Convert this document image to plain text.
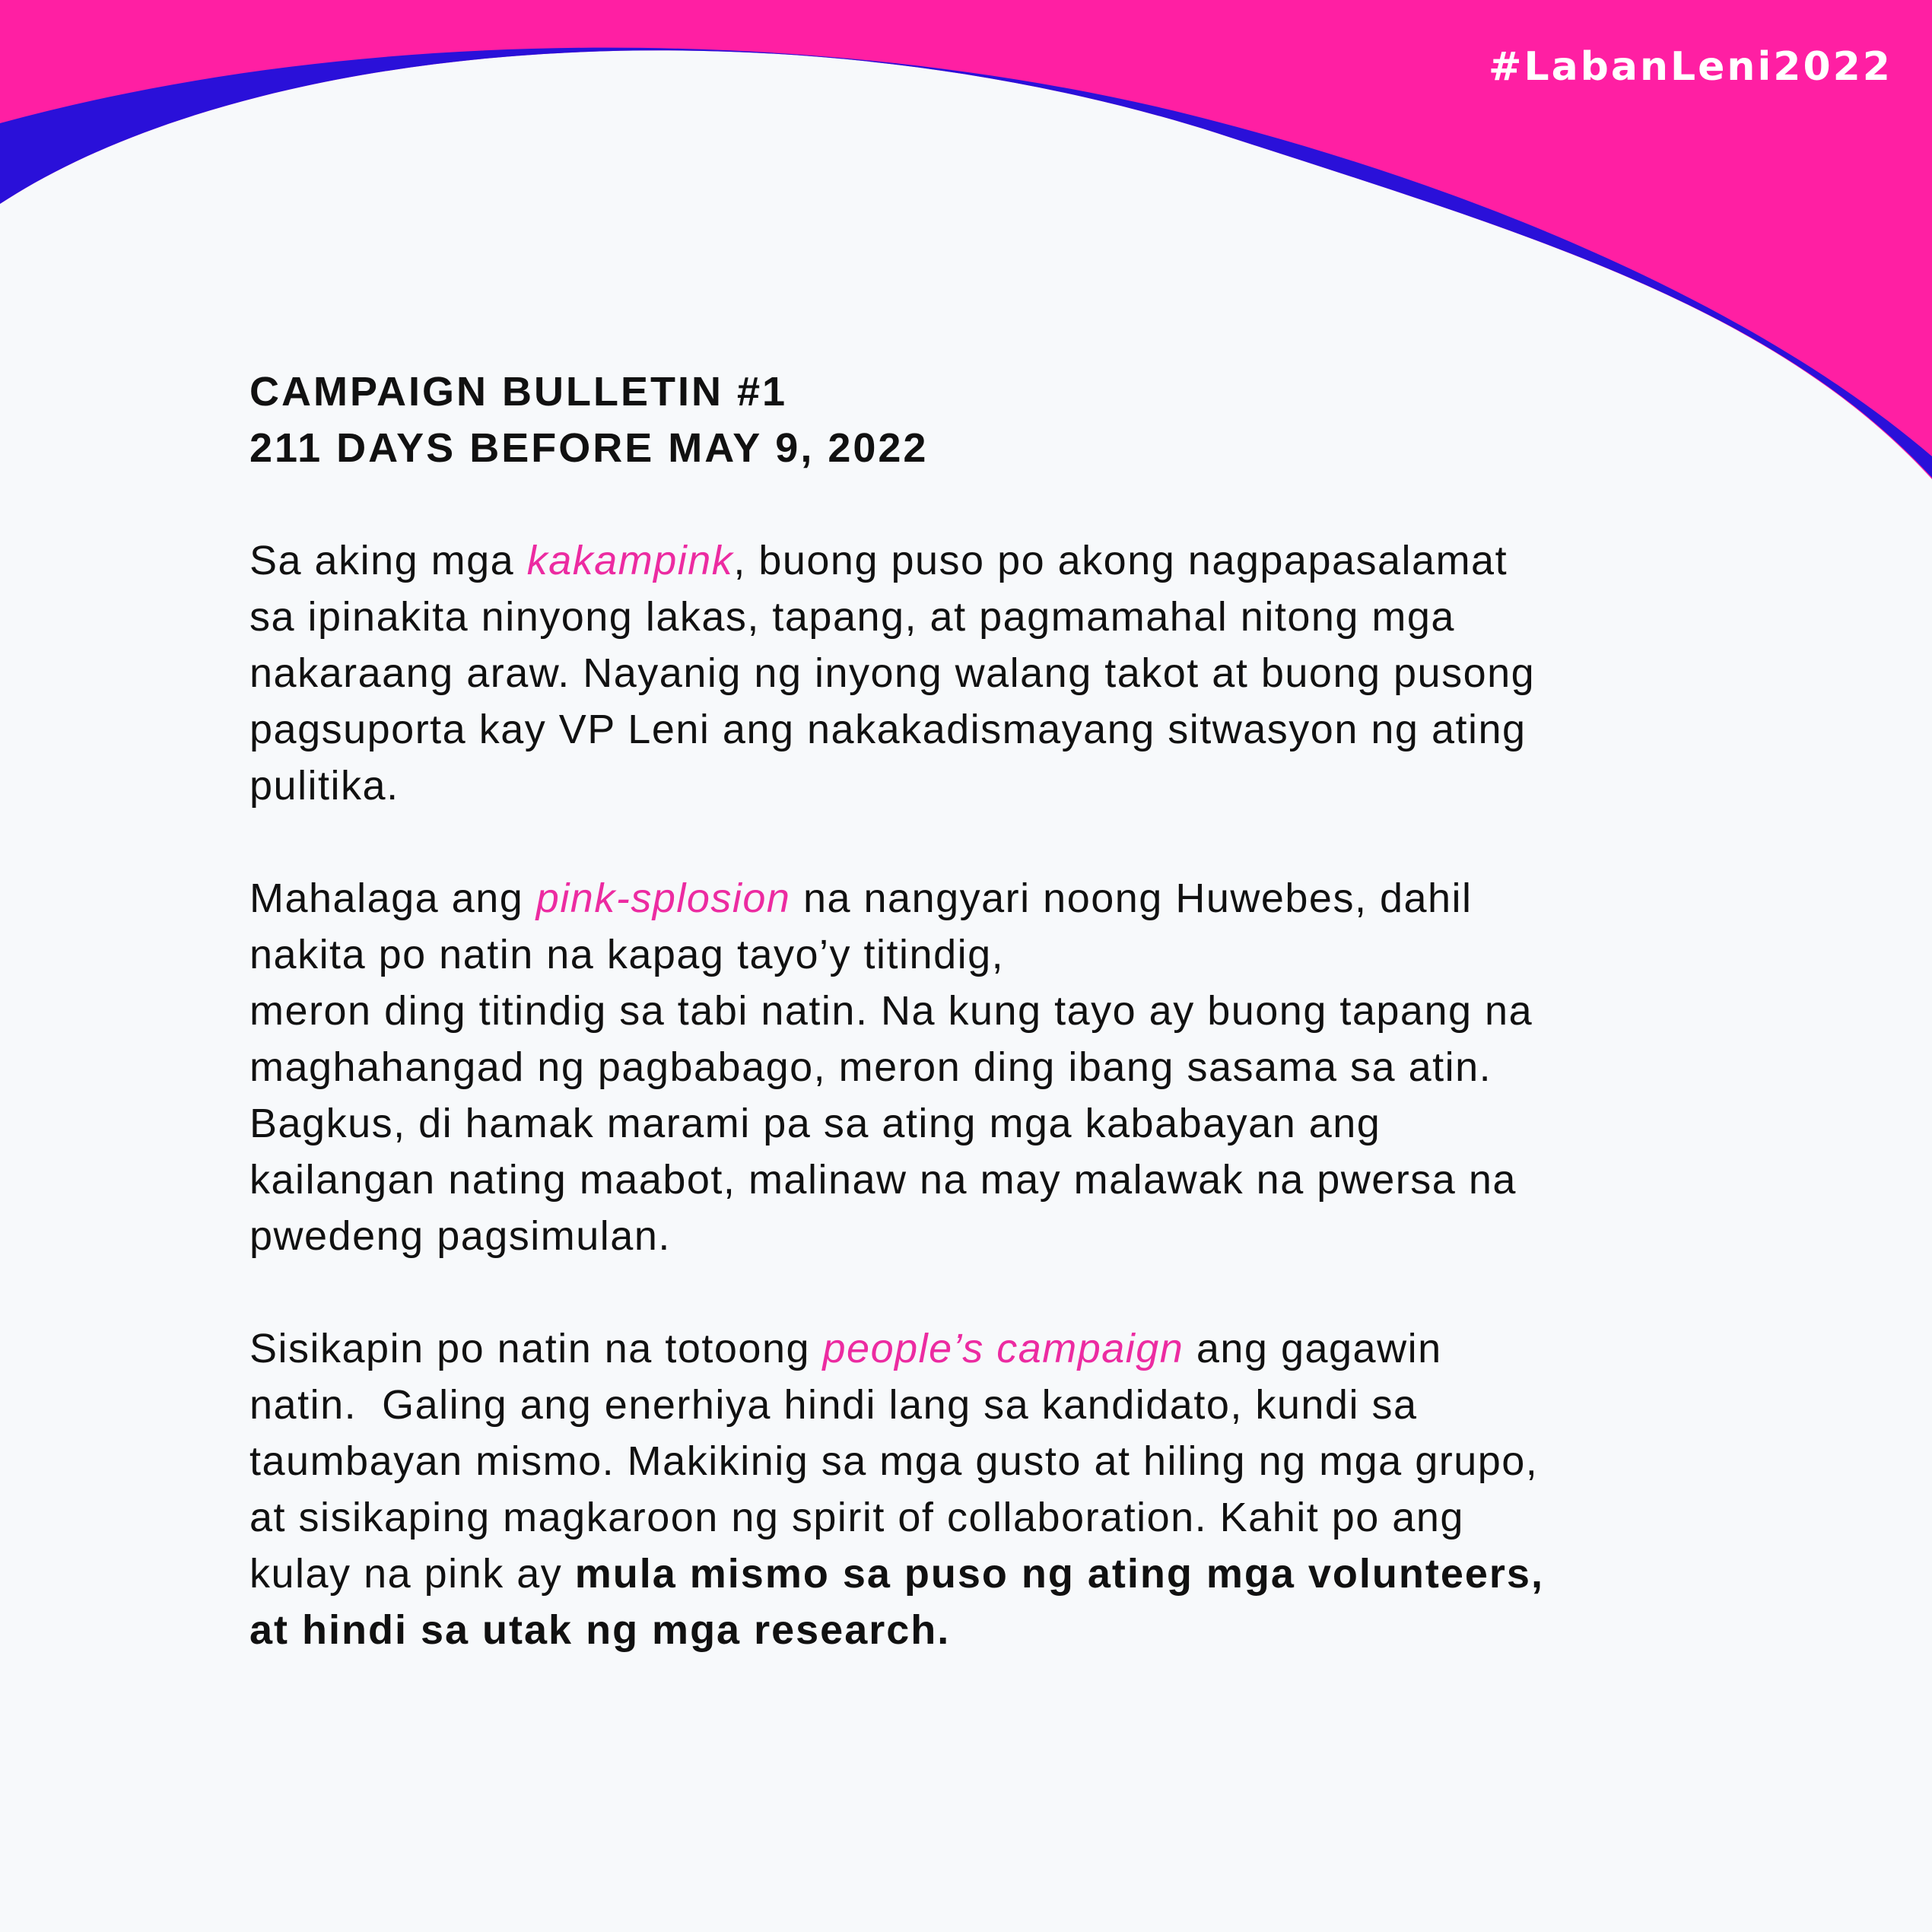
#LabanLeni2022
CAMPAIGN BULLETIN #1
211 DAYS BEFORE MAY 9, 2022

Sa aking mga kakampink, buong puso po akong nagpapasalamat
sa ipinakita ninyong lakas, tapang, at pagmamahal nitong mga
nakaraang araw. Nayanig ng inyong walang takot at buong pusong
pagsuporta kay VP Leni ang nakakadismayang sitwasyon ng ating
pulitika.

Mahalaga ang pink-splosion na nangyari noong Huwebes, dahil
nakita po natin na kapag tayo’y titindig,
meron ding titindig sa tabi natin. Na kung tayo ay buong tapang na
maghahangad ng pagbabago, meron ding ibang sasama sa atin.
Bagkus, di hamak marami pa sa ating mga kababayan ang
kailangan nating maabot, malinaw na may malawak na pwersa na
pwedeng pagsimulan.

Sisikapin po natin na totoong people’s campaign ang gagawin
natin.  Galing ang enerhiya hindi lang sa kandidato, kundi sa
taumbayan mismo. Makikinig sa mga gusto at hiling ng mga grupo,
at sisikaping magkaroon ng spirit of collaboration. Kahit po ang
kulay na pink ay mula mismo sa puso ng ating mga volunteers,
at hindi sa utak ng mga research.
